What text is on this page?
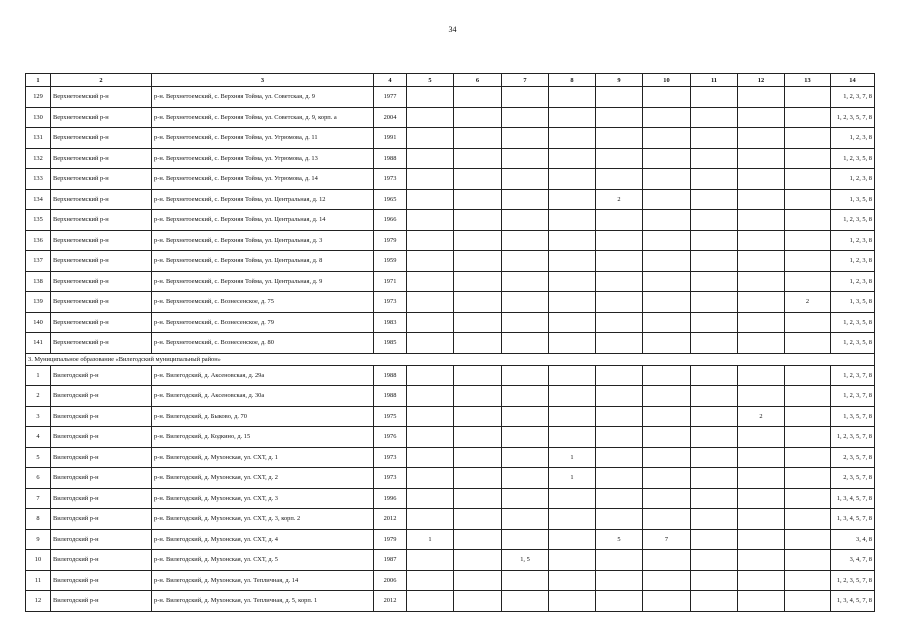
34
1	2	3	4	5	6	7	8	9	10	11	12	13	14
129	Верхнетоемский р-н	р-н. Верхнетоемский, с. Верхняя Тойма, ул. Советская, д. 9	1977										1, 2, 3, 7, 8
130	Верхнетоемский р-н	р-н. Верхнетоемский, с. Верхняя Тойма, ул. Советская, д. 9, корп. а	2004										1, 2, 3, 5, 7, 8
131	Верхнетоемский р-н	р-н. Верхнетоемский, с. Верхняя Тойма, ул. Угрюмова, д. 11	1991										1, 2, 3, 8
132	Верхнетоемский р-н	р-н. Верхнетоемский, с. Верхняя Тойма, ул. Угрюмова, д. 13	1988										1, 2, 3, 5, 8
133	Верхнетоемский р-н	р-н. Верхнетоемский, с. Верхняя Тойма, ул. Угрюмова, д. 14	1973										1, 2, 3, 8
134	Верхнетоемский р-н	р-н. Верхнетоемский, с. Верхняя Тойма, ул. Центральная, д. 12	1965					2					1, 3, 5, 8
135	Верхнетоемский р-н	р-н. Верхнетоемский, с. Верхняя Тойма, ул. Центральная, д. 14	1966										1, 2, 3, 5, 8
136	Верхнетоемский р-н	р-н. Верхнетоемский, с. Верхняя Тойма, ул. Центральная, д. 3	1979										1, 2, 3, 8
137	Верхнетоемский р-н	р-н. Верхнетоемский, с. Верхняя Тойма, ул. Центральная, д. 8	1959										1, 2, 3, 8
138	Верхнетоемский р-н	р-н. Верхнетоемский, с. Верхняя Тойма, ул. Центральная, д. 9	1971										1, 2, 3, 8
139	Верхнетоемский р-н	р-н. Верхнетоемский, с. Вознесенское, д. 75	1973									2	1, 3, 5, 8
140	Верхнетоемский р-н	р-н. Верхнетоемский, с. Вознесенское, д. 79	1983										1, 2, 3, 5, 8
141	Верхнетоемский р-н	р-н. Верхнетоемский, с. Вознесенское, д. 80	1985										1, 2, 3, 5, 8
3. Муниципальное образование «Вилегодский муниципальный район»													
1	Вилегодский р-н	р-н. Вилегодский, д. Аксеновская, д. 29а	1988										1, 2, 3, 7, 8
2	Вилегодский р-н	р-н. Вилегодский, д. Аксеновская, д. 30а	1988										1, 2, 3, 7, 8
3	Вилегодский р-н	р-н. Вилегодский, д. Быково, д. 70	1975								2		1, 3, 5, 7, 8
4	Вилегодский р-н	р-н. Вилегодский, д. Кодкино, д. 15	1976										1, 2, 3, 5, 7, 8
5	Вилегодский р-н	р-н. Вилегодский, д. Мухонская, ул. СХТ, д. 1	1973				1						2, 3, 5, 7, 8
6	Вилегодский р-н	р-н. Вилегодский, д. Мухонская, ул. СХТ, д. 2	1973				1						2, 3, 5, 7, 8
7	Вилегодский р-н	р-н. Вилегодский, д. Мухонская, ул. СХТ, д. 3	1996										1, 3, 4, 5, 7, 8
8	Вилегодский р-н	р-н. Вилегодский, д. Мухонская, ул. СХТ, д. 3, корп. 2	2012										1, 3, 4, 5, 7, 8
9	Вилегодский р-н	р-н. Вилегодский, д. Мухонская, ул. СХТ, д. 4	1979	1				5	7				3, 4, 8
10	Вилегодский р-н	р-н. Вилегодский, д. Мухонская, ул. СХТ, д. 5	1987			1, 5							3, 4, 7, 8
11	Вилегодский р-н	р-н. Вилегодский, д. Мухонская, ул. Тепличная, д. 14	2006										1, 2, 3, 5, 7, 8
12	Вилегодский р-н	р-н. Вилегодский, д. Мухонская, ул. Тепличная, д. 5, корп. 1	2012										1, 3, 4, 5, 7, 8
